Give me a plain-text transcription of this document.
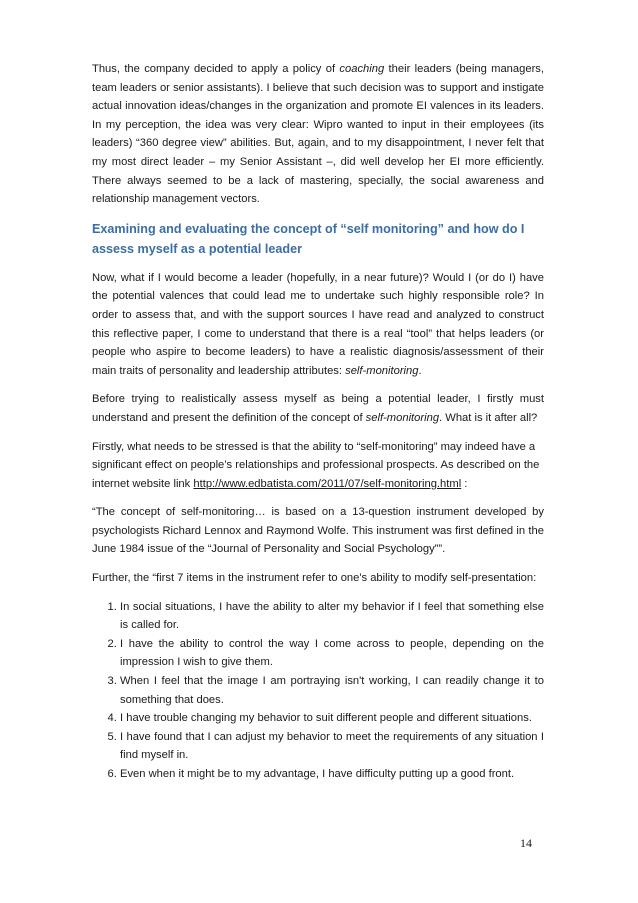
Thus, the company decided to apply a policy of coaching their leaders (being managers, team leaders or senior assistants). I believe that such decision was to support and instigate actual innovation ideas/changes in the organization and promote EI valences in its leaders. In my perception, the idea was very clear: Wipro wanted to input in their employees (its leaders) “360 degree view” abilities. But, again, and to my disappointment, I never felt that my most direct leader – my Senior Assistant –, did well develop her EI more efficiently. There always seemed to be a lack of mastering, specially, the social awareness and relationship management vectors.

Examining and evaluating the concept of “self monitoring” and how do I assess myself as a potential leader

Now, what if I would become a leader (hopefully, in a near future)? Would I (or do I) have the potential valences that could lead me to undertake such highly responsible role? In order to assess that, and with the support sources I have read and analyzed to construct this reflective paper, I come to understand that there is a real “tool” that helps leaders (or people who aspire to become leaders) to have a realistic diagnosis/assessment of their main traits of personality and leadership attributes: self-monitoring.

Before trying to realistically assess myself as being a potential leader, I firstly must understand and present the definition of the concept of self-monitoring. What is it after all?

Firstly, what needs to be stressed is that the ability to “self-monitoring” may indeed have a significant effect on people’s relationships and professional prospects. As described on the internet website link http://www.edbatista.com/2011/07/self-monitoring.html :

“The concept of self-monitoring… is based on a 13-question instrument developed by psychologists Richard Lennox and Raymond Wolfe. This instrument was first defined in the June 1984 issue of the “Journal of Personality and Social Psychology””.

Further, the “first 7 items in the instrument refer to one's ability to modify self-presentation:

1. In social situations, I have the ability to alter my behavior if I feel that something else is called for.
2. I have the ability to control the way I come across to people, depending on the impression I wish to give them.
3. When I feel that the image I am portraying isn't working, I can readily change it to something that does.
4. I have trouble changing my behavior to suit different people and different situations.
5. I have found that I can adjust my behavior to meet the requirements of any situation I find myself in.
6. Even when it might be to my advantage, I have difficulty putting up a good front.
14
